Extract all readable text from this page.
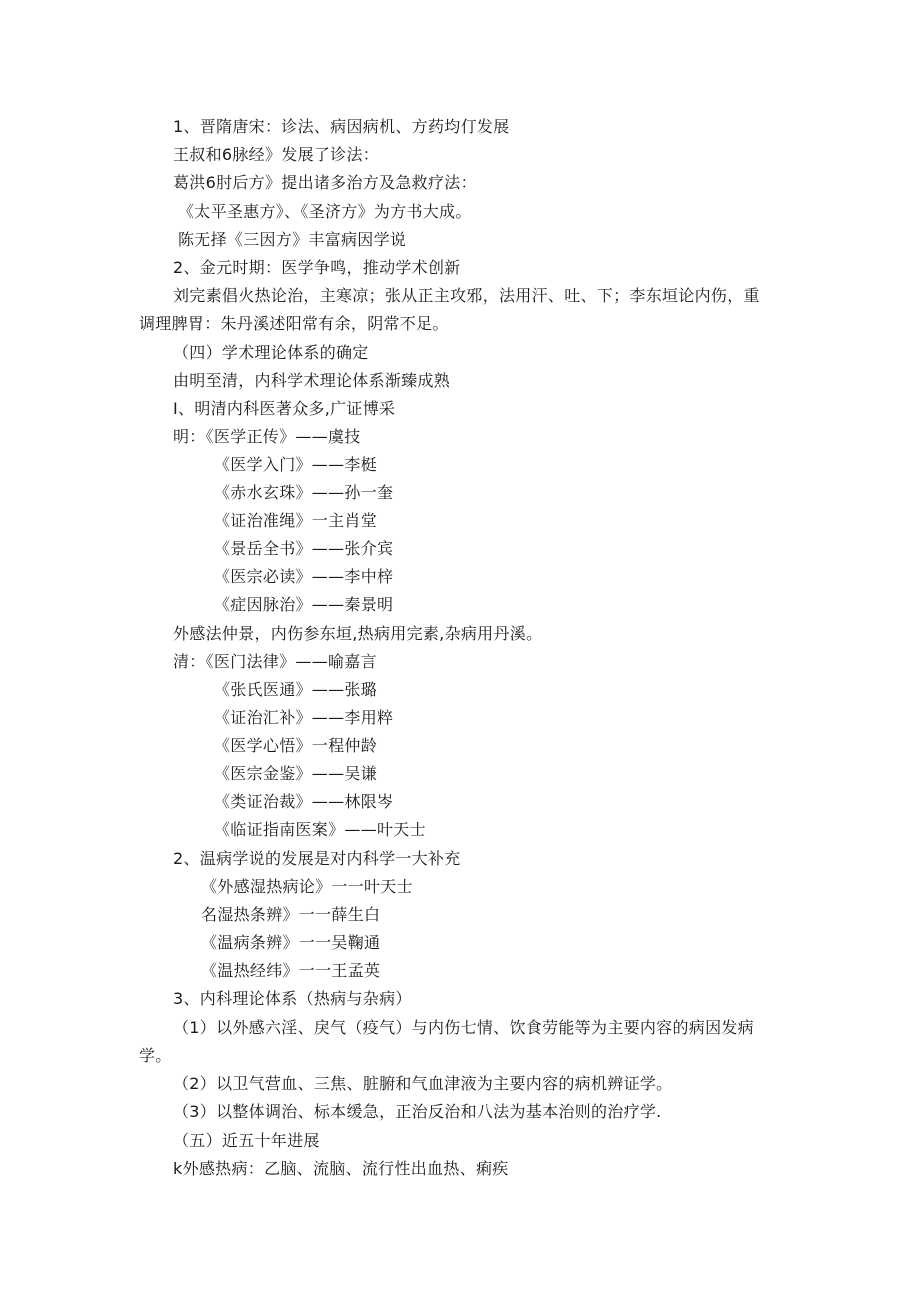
1、晋隋唐宋：诊法、病因病机、方药均仃发展
王叔和6脉经》发展了诊法：
葛洪6肘后方》提出诸多治方及急救疗法：
《太平圣惠方》、《圣济方》为方书大成。
陈无择《三因方》丰富病因学说
2、金元时期：医学争鸣，推动学术创新
刘完素倡火热论治，主寒凉；张从正主攻邪，法用汗、吐、下；李东垣论内伤，重
调理脾胃：朱丹溪述阳常有余，阴常不足。
（四）学术理论体系的确定
由明至清，内科学术理论体系渐臻成熟
I、明清内科医著众多,广证博采
明：《医学正传》——虞技
《医学入门》——李梃
《赤水玄珠》——孙一奎
《证治准绳》一主肖堂
《景岳全书》——张介宾
《医宗必读》——李中梓
《症因脉治》——秦景明
外感法仲景，内伤参东垣,热病用完素,杂病用丹溪。
清：《医门法律》——喻嘉言
《张氏医通》——张璐
《证治汇补》——李用粹
《医学心悟》一程仲龄
《医宗金鉴》——吴谦
《类证治裁》——林限岑
《临证指南医案》——叶天士
2、温病学说的发展是对内科学一大补充
《外感湿热病论》一一叶天士
名湿热条辨》一一薛生白
《温病条辨》一一吴鞠通
《温热经纬》一一王孟英
3、内科理论体系（热病与杂病）
（1）以外感六淫、戾气（疫气）与内伤七情、饮食劳能等为主要内容的病因发病
学。
（2）以卫气营血、三焦、脏腑和气血津液为主要内容的病机辨证学。
（3）以整体调治、标本缓急，正治反治和八法为基本治则的治疗学.
（五）近五十年进展
k外感热病：乙脑、流脑、流行性出血热、痢疾
